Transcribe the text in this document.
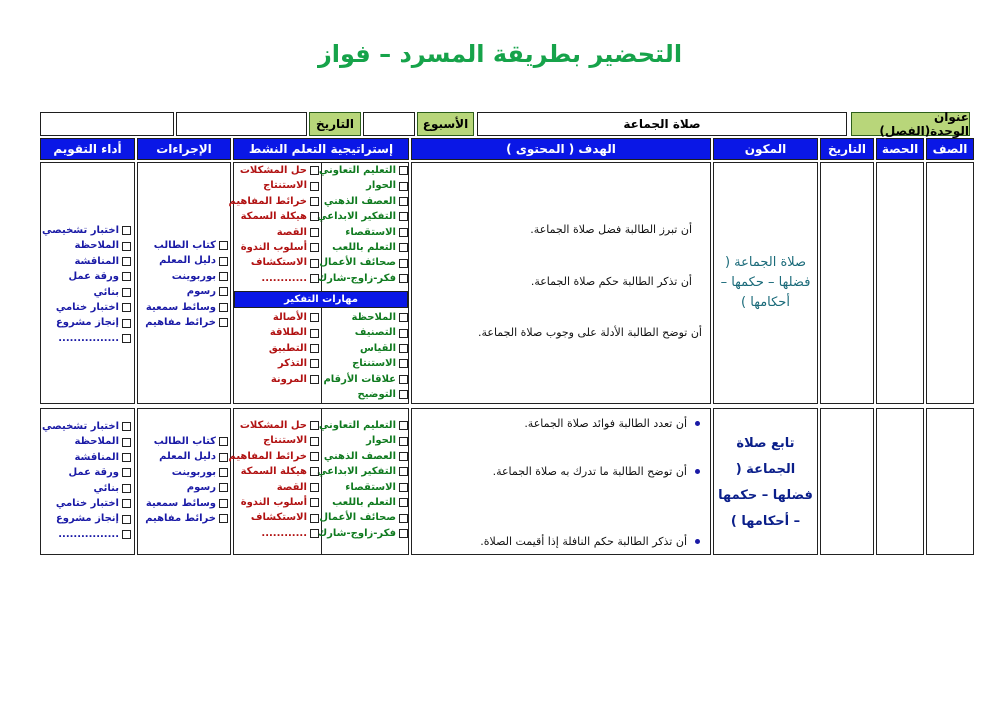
التحضير بطريقة المسرد – فواز
عنوان الوحدة(الفصل)
صلاة الجماعة
الأسبوع
التاريخ
الصف
الحصة
التاريخ
المكون
الهدف ( المحتوى )
إستراتيجية التعلم النشط
الإجراءات
أداء التقويم
صلاة الجماعة ( فضلها – حكمها – أحكامها )
أن تبرز الطالبة فضل صلاة الجماعة.
أن تذكر الطالبة حكم صلاة الجماعة.
أن توضح الطالبة الأدلة على وجوب صلاة الجماعة.
تابع صلاة الجماعة ( فضلها – حكمها – أحكامها )
أن تعدد الطالبة فوائد صلاة الجماعة.
أن توضح الطالبة ما تدرك به صلاة الجماعة.
أن تذكر الطالبة حكم النافلة إذا أقيمت الصلاة.
مهارات التفكير
التعليم التعاوني
الحوار
العصف الذهني
التفكير الابداعي
الاستقصاء
التعلم باللعب
صحائف الأعمال
فكر-زاوج-شارك
حل المشكلات
الاستنتاج
خرائط المفاهيم
هيكلة السمكة
القصة
أسلوب الندوة
الاستكشاف
............
الملاحظة
التصنيف
القياس
الاستنتاج
علاقات الأرقام
التوضيح
الأصالة
الطلاقة
التطبيق
التذكر
المرونة
كتاب الطالب
دليل المعلم
بوربوينت
رسوم
وسائط سمعية
خرائط مفاهيم
اختبار تشخيصي
الملاحظة
المناقشة
ورقة عمل
بنائي
اختبار ختامي
إنجاز مشروع
................
التعليم التعاوني
الحوار
العصف الذهني
التفكير الابداعي
الاستقصاء
التعلم باللعب
صحائف الأعمال
فكر-زاوج-شارك
حل المشكلات
الاستنتاج
خرائط المفاهيم
هيكلة السمكة
القصة
أسلوب الندوة
الاستكشاف
............
كتاب الطالب
دليل المعلم
بوربوينت
رسوم
وسائط سمعية
خرائط مفاهيم
اختبار تشخيصي
الملاحظة
المناقشة
ورقة عمل
بنائي
اختبار ختامي
إنجاز مشروع
................
